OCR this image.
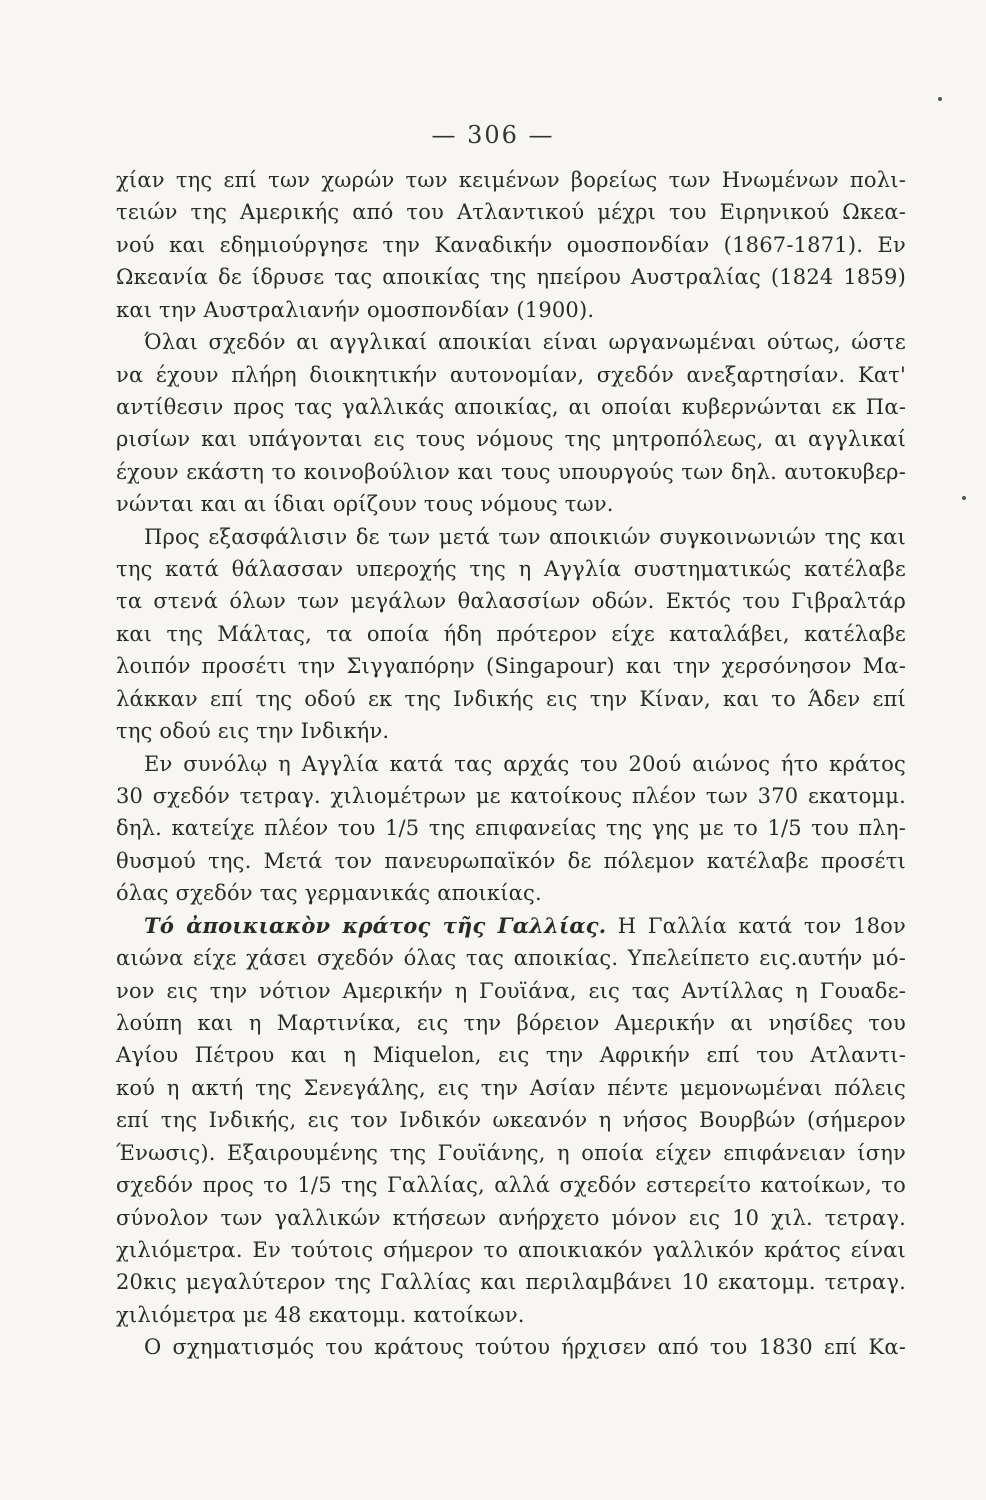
— 306 —
χίαν της επί των χωρών των κειμένων βορείως των Ηνωμένων πολι-
τειών της Αμερικής από του Ατλαντικού μέχρι του Ειρηνικού Ωκεα-
νού και εδημιούργησε την Καναδικήν ομοσπονδίαν (1867-1871). Εν
Ωκεανία δε ίδρυσε τας αποικίας της ηπείρου Αυστραλίας (1824 1859)
και την Αυστραλιανήν ομοσπονδίαν (1900).
Όλαι σχεδόν αι αγγλικαί αποικίαι είναι ωργανωμέναι ούτως, ώστε
να έχουν πλήρη διοικητικήν αυτονομίαν, σχεδόν ανεξαρτησίαν. Κατ'
αντίθεσιν προς τας γαλλικάς αποικίας, αι οποίαι κυβερνώνται εκ Πα-
ρισίων και υπάγονται εις τους νόμους της μητροπόλεως, αι αγγλικαί
έχουν εκάστη το κοινοβούλιον και τους υπουργούς των δηλ. αυτοκυβερ-
νώνται και αι ίδιαι ορίζουν τους νόμους των.
Προς εξασφάλισιν δε των μετά των αποικιών συγκοινωνιών της και
της κατά θάλασσαν υπεροχής της η Αγγλία συστηματικώς κατέλαβε
τα στενά όλων των μεγάλων θαλασσίων οδών. Εκτός του Γιβραλτάρ
και της Μάλτας, τα οποία ήδη πρότερον είχε καταλάβει, κατέλαβε
λοιπόν προσέτι την Σιγγαπόρην (Singapour) και την χερσόνησον Μα-
λάκκαν επί της οδού εκ της Ινδικής εις την Κίναν, και το Άδεν επί
της οδού εις την Ινδικήν.
Εν συνόλῳ η Αγγλία κατά τας αρχάς του 20ού αιώνος ήτο κράτος
30 σχεδόν τετραγ. χιλιομέτρων με κατοίκους πλέον των 370 εκατομμ.
δηλ. κατείχε πλέον του 1/5 της επιφανείας της γης με το 1/5 του πλη-
θυσμού της. Μετά τον πανευρωπαϊκόν δε πόλεμον κατέλαβε προσέτι
όλας σχεδόν τας γερμανικάς αποικίας.
Τό ἀποικιακὸν κράτος τῆς Γαλλίας. Η Γαλλία κατά τον 18ον
αιώνα είχε χάσει σχεδόν όλας τας αποικίας. Υπελείπετο εις.αυτήν μό-
νον εις την νότιον Αμερικήν η Γουϊάνα, εις τας Αντίλλας η Γουαδε-
λούπη και η Μαρτινίκα, εις την βόρειον Αμερικήν αι νησίδες του
Αγίου Πέτρου και η Miquelon, εις την Αφρικήν επί του Ατλαντι-
κού η ακτή της Σενεγάλης, εις την Ασίαν πέντε μεμονωμέναι πόλεις
επί της Ινδικής, εις τον Ινδικόν ωκεανόν η νήσος Βουρβών (σήμερον
Ένωσις). Εξαιρουμένης της Γουϊάνης, η οποία είχεν επιφάνειαν ίσην
σχεδόν προς το 1/5 της Γαλλίας, αλλά σχεδόν εστερείτο κατοίκων, το
σύνολον των γαλλικών κτήσεων ανήρχετο μόνον εις 10 χιλ. τετραγ.
χιλιόμετρα. Εν τούτοις σήμερον το αποικιακόν γαλλικόν κράτος είναι
20κις μεγαλύτερον της Γαλλίας και περιλαμβάνει 10 εκατομμ. τετραγ.
χιλιόμετρα με 48 εκατομμ. κατοίκων.
Ο σχηματισμός του κράτους τούτου ήρχισεν από του 1830 επί Κα-
